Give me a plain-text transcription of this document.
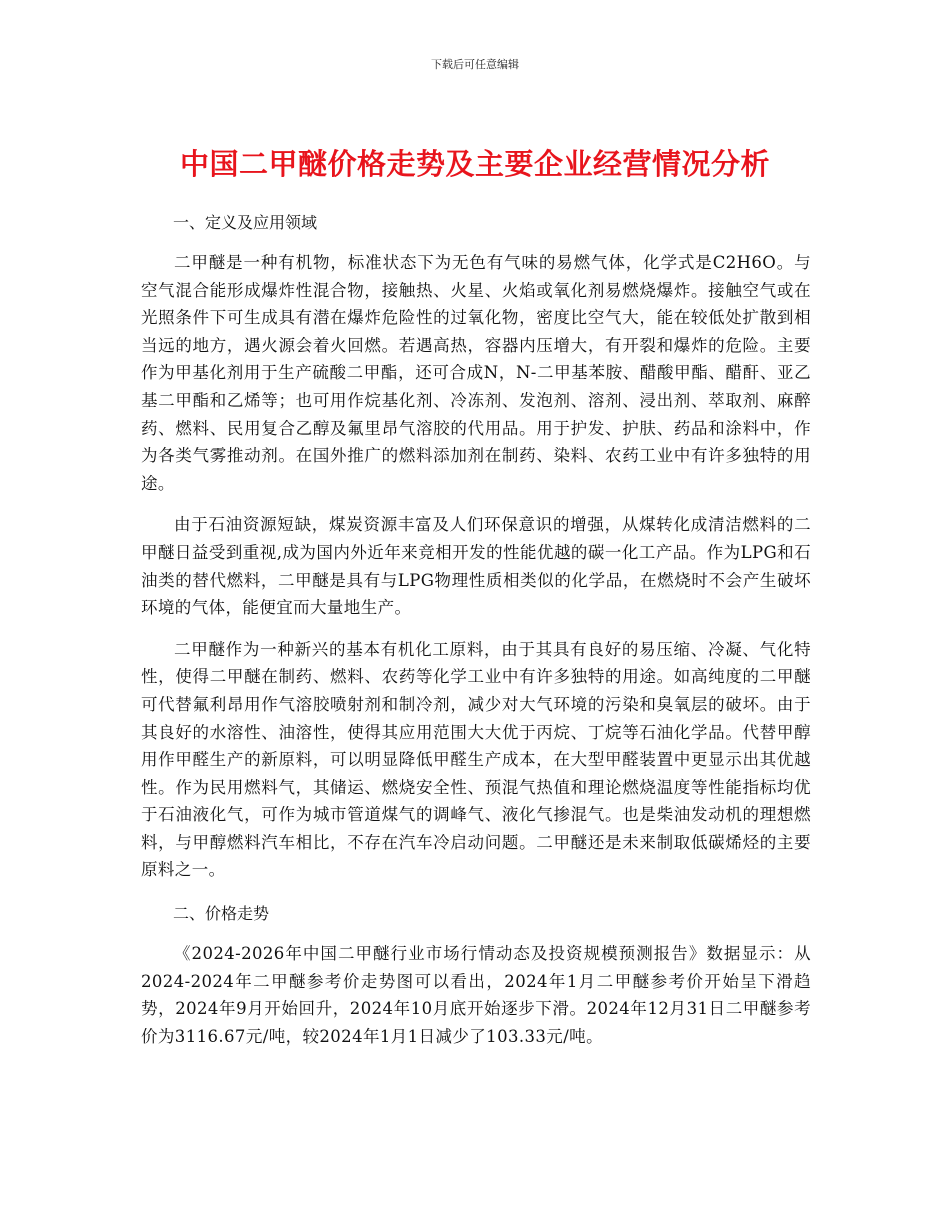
下载后可任意编辑
中国二甲醚价格走势及主要企业经营情况分析

一、定义及应用领域

二甲醚是一种有机物，标准状态下为无色有气味的易燃气体，化学式是C2H6O。与空气混合能形成爆炸性混合物，接触热、火星、火焰或氧化剂易燃烧爆炸。接触空气或在光照条件下可生成具有潜在爆炸危险性的过氧化物，密度比空气大，能在较低处扩散到相当远的地方，遇火源会着火回燃。若遇高热，容器内压增大，有开裂和爆炸的危险。主要作为甲基化剂用于生产硫酸二甲酯，还可合成N，N-二甲基苯胺、醋酸甲酯、醋酐、亚乙基二甲酯和乙烯等；也可用作烷基化剂、冷冻剂、发泡剂、溶剂、浸出剂、萃取剂、麻醉药、燃料、民用复合乙醇及氟里昂气溶胶的代用品。用于护发、护肤、药品和涂料中，作为各类气雾推动剂。在国外推广的燃料添加剂在制药、染料、农药工业中有许多独特的用途。

由于石油资源短缺，煤炭资源丰富及人们环保意识的增强，从煤转化成清洁燃料的二甲醚日益受到重视,成为国内外近年来竞相开发的性能优越的碳一化工产品。作为LPG和石油类的替代燃料，二甲醚是具有与LPG物理性质相类似的化学品，在燃烧时不会产生破坏环境的气体，能便宜而大量地生产。

二甲醚作为一种新兴的基本有机化工原料，由于其具有良好的易压缩、冷凝、气化特性，使得二甲醚在制药、燃料、农药等化学工业中有许多独特的用途。如高纯度的二甲醚可代替氟利昂用作气溶胶喷射剂和制冷剂，减少对大气环境的污染和臭氧层的破坏。由于其良好的水溶性、油溶性，使得其应用范围大大优于丙烷、丁烷等石油化学品。代替甲醇用作甲醛生产的新原料，可以明显降低甲醛生产成本，在大型甲醛装置中更显示出其优越性。作为民用燃料气，其储运、燃烧安全性、预混气热值和理论燃烧温度等性能指标均优于石油液化气，可作为城市管道煤气的调峰气、液化气掺混气。也是柴油发动机的理想燃料，与甲醇燃料汽车相比，不存在汽车冷启动问题。二甲醚还是未来制取低碳烯烃的主要原料之一。

二、价格走势

《2024-2026年中国二甲醚行业市场行情动态及投资规模预测报告》数据显示：从2024-2024年二甲醚参考价走势图可以看出，2024年1月二甲醚参考价开始呈下滑趋势，2024年9月开始回升，2024年10月底开始逐步下滑。2024年12月31日二甲醚参考价为3116.67元/吨，较2024年1月1日减少了103.33元/吨。
